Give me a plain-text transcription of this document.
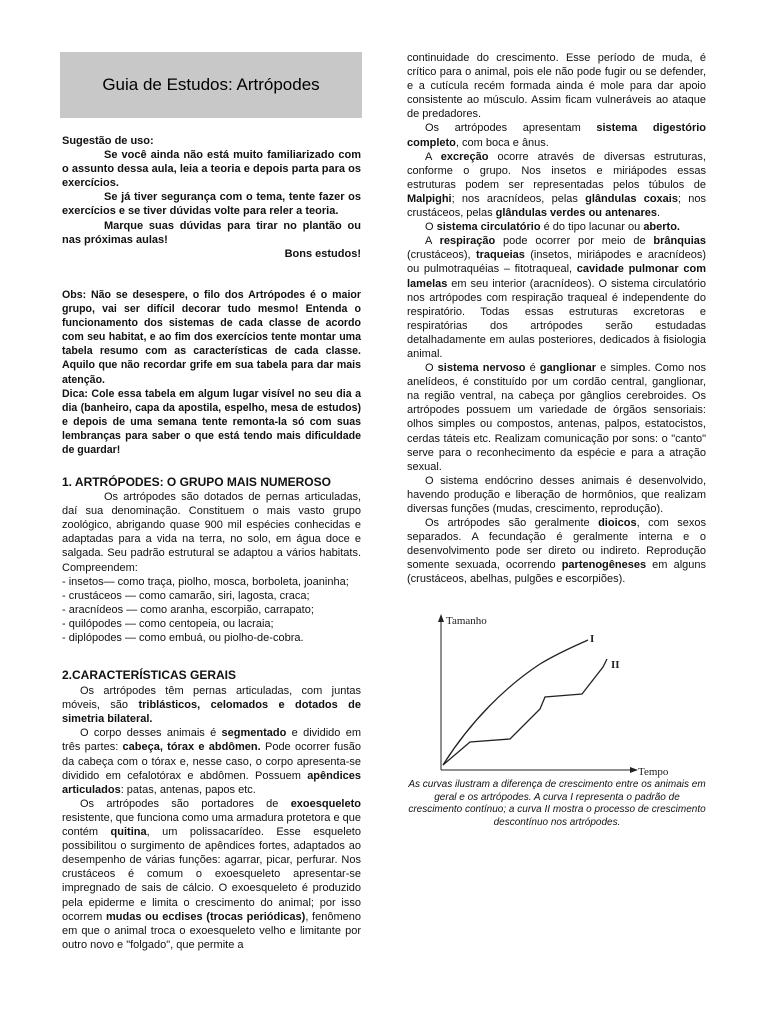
Guia de Estudos: Artrópodes

Sugestão de uso:

Se você ainda não está muito familiarizado com o assunto dessa aula, leia a teoria e depois parta para os exercícios.

Se já tiver segurança com o tema, tente fazer os exercícios e se tiver dúvidas volte para reler a teoria.

Marque suas dúvidas para tirar no plantão ou nas próximas aulas!

Bons estudos!

Obs: Não se desespere, o filo dos Artrópodes é o maior grupo, vai ser difícil decorar tudo mesmo! Entenda o funcionamento dos sistemas de cada classe de acordo com seu habitat, e ao fim dos exercícios tente montar uma tabela resumo com as características de cada classe. Aquilo que não recordar grife em sua tabela para dar mais atenção.

Dica: Cole essa tabela em algum lugar visível no seu dia a dia (banheiro, capa da apostila, espelho, mesa de estudos) e depois de uma semana tente remonta-la só com suas lembranças para saber o que está tendo mais dificuldade de guardar!

1. ARTRÓPODES: O GRUPO MAIS NUMEROSO

Os artrópodes são dotados de pernas articuladas, daí sua denominação. Constituem o mais vasto grupo zoológico, abrigando quase 900 mil espécies conhecidas e adaptadas para a vida na terra, no solo, em água doce e salgada. Seu padrão estrutural se adaptou a vários habitats. Compreendem:

- insetos— como traça, piolho, mosca, borboleta, joaninha;

- crustáceos — como camarão, siri, lagosta, craca;

- aracnídeos — como aranha, escorpião, carrapato;

- quilópodes — como centopeia, ou lacraia;

- diplópodes — como embuá, ou piolho-de-cobra.

2.CARACTERÍSTICAS GERAIS

Os artrópodes têm pernas articuladas, com juntas móveis, são triblásticos, celomados e dotados de simetria bilateral.

O corpo desses animais é segmentado e dividido em três partes: cabeça, tórax e abdômen. Pode ocorrer fusão da cabeça com o tórax e, nesse caso, o corpo apresenta-se dividido em cefalotórax e abdômen. Possuem apêndices articulados: patas, antenas, papos etc.

Os artrópodes são portadores de exoesqueleto resistente, que funciona como uma armadura protetora e que contém quitina, um polissacarídeo. Esse esqueleto possibilitou o surgimento de apêndices fortes, adaptados ao desempenho de várias funções: agarrar, picar, perfurar. Nos crustáceos é comum o exoesqueleto apresentar-se impregnado de sais de cálcio. O exoesqueleto é produzido pela epiderme e limita o crescimento do animal; por isso ocorrem mudas ou ecdises (trocas periódicas), fenômeno em que o animal troca o exoesqueleto velho e limitante por outro novo e "folgado", que permite a

continuidade do crescimento. Esse período de muda, é crítico para o animal, pois ele não pode fugir ou se defender, e a cutícula recém formada ainda é mole para dar apoio consistente ao músculo. Assim ficam vulneráveis ao ataque de predadores.

Os artrópodes apresentam sistema digestório completo, com boca e ânus.

A excreção ocorre através de diversas estruturas, conforme o grupo. Nos insetos e miriápodes essas estruturas podem ser representadas pelos túbulos de Malpighi; nos aracnídeos, pelas glândulas coxais; nos crustáceos, pelas glândulas verdes ou antenares.

O sistema circulatório é do tipo lacunar ou aberto.

A respiração pode ocorrer por meio de brânquias (crustáceos), traqueias (insetos, miriápodes e aracnídeos) ou pulmotraquéias – fitotraqueal, cavidade pulmonar com lamelas em seu interior (aracnídeos). O sistema circulatório nos artrópodes com respiração traqueal é independente do respiratório. Todas essas estruturas excretoras e respiratórias dos artrópodes serão estudadas detalhadamente em aulas posteriores, dedicados à fisiologia animal.

O sistema nervoso é ganglionar e simples. Como nos anelídeos, é constituído por um cordão central, ganglionar, na região ventral, na cabeça por gânglios cerebroides. Os artrópodes possuem um variedade de órgãos sensoriais: olhos simples ou compostos, antenas, palpos, estatocistos, cerdas táteis etc. Realizam comunicação por sons: o "canto" serve para o reconhecimento da espécie e para a atração sexual.

O sistema endócrino desses animais é desenvolvido, havendo produção e liberação de hormônios, que realizam diversas funções (mudas, crescimento, reprodução).

Os artrópodes são geralmente dioicos, com sexos separados. A fecundação é geralmente interna e o desenvolvimento pode ser direto ou indireto. Reprodução somente sexuada, ocorrendo partenogêneses em alguns (crustáceos, abelhas, pulgões e escorpiões).

Tamanho
Tempo
I
II

As curvas ilustram a diferença de crescimento entre os animais em geral e os artrópodes. A curva I representa o padrão de crescimento contínuo; a curva II mostra o processo de crescimento descontínuo nos artrópodes.
